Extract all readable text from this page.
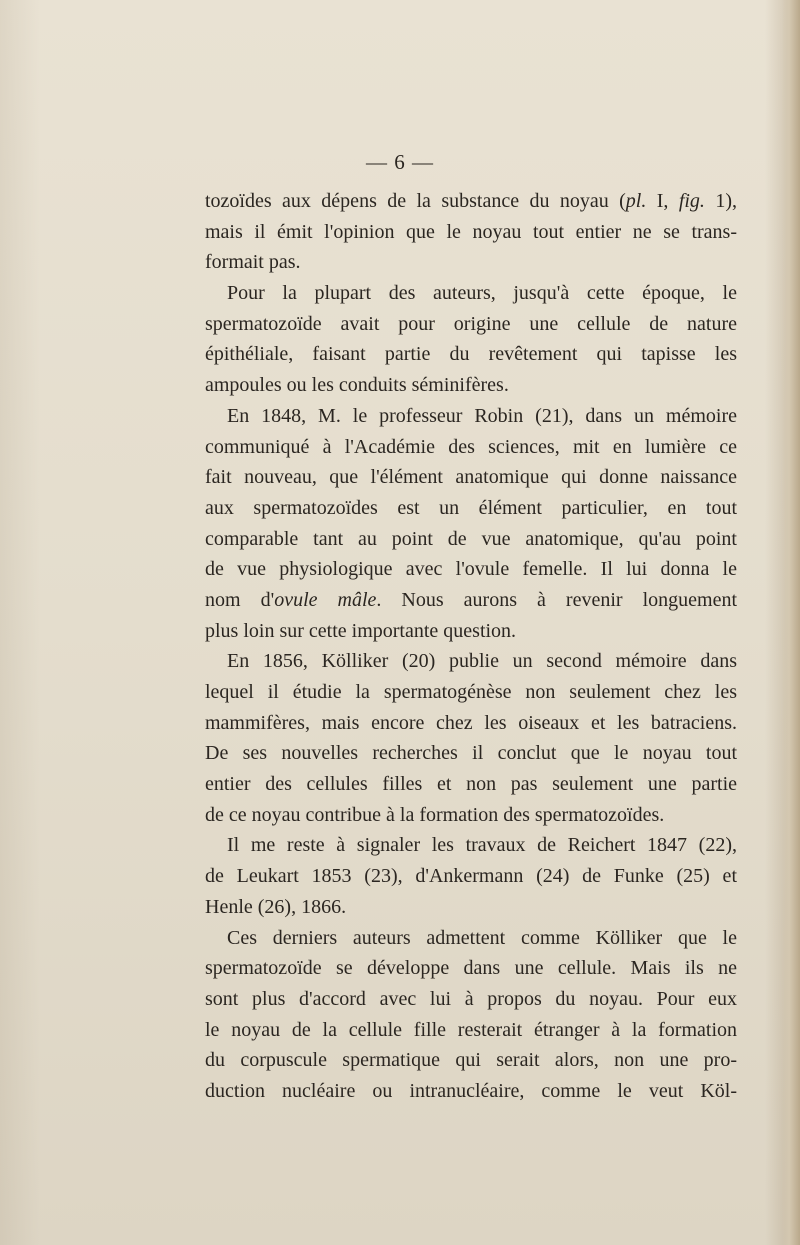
— 6 —
tozoïdes aux dépens de la substance du noyau (pl. I, fig. 1),
mais il émit l'opinion que le noyau tout entier ne se trans-
formait pas.
Pour la plupart des auteurs, jusqu'à cette époque, le
spermatozoïde avait pour origine une cellule de nature
épithéliale, faisant partie du revêtement qui tapisse les
ampoules ou les conduits séminifères.
En 1848, M. le professeur Robin (21), dans un mémoire
communiqué à l'Académie des sciences, mit en lumière ce
fait nouveau, que l'élément anatomique qui donne naissance
aux spermatozoïdes est un élément particulier, en tout
comparable tant au point de vue anatomique, qu'au point
de vue physiologique avec l'ovule femelle. Il lui donna le
nom d'ovule mâle. Nous aurons à revenir longuement
plus loin sur cette importante question.
En 1856, Kölliker (20) publie un second mémoire dans
lequel il étudie la spermatogénèse non seulement chez les
mammifères, mais encore chez les oiseaux et les batraciens.
De ses nouvelles recherches il conclut que le noyau tout
entier des cellules filles et non pas seulement une partie
de ce noyau contribue à la formation des spermatozoïdes.
Il me reste à signaler les travaux de Reichert 1847 (22),
de Leukart 1853 (23), d'Ankermann (24) de Funke (25) et
Henle (26), 1866.
Ces derniers auteurs admettent comme Kölliker que le
spermatozoïde se développe dans une cellule. Mais ils ne
sont plus d'accord avec lui à propos du noyau. Pour eux
le noyau de la cellule fille resterait étranger à la formation
du corpuscule spermatique qui serait alors, non une pro-
duction nucléaire ou intranucléaire, comme le veut Köl-
